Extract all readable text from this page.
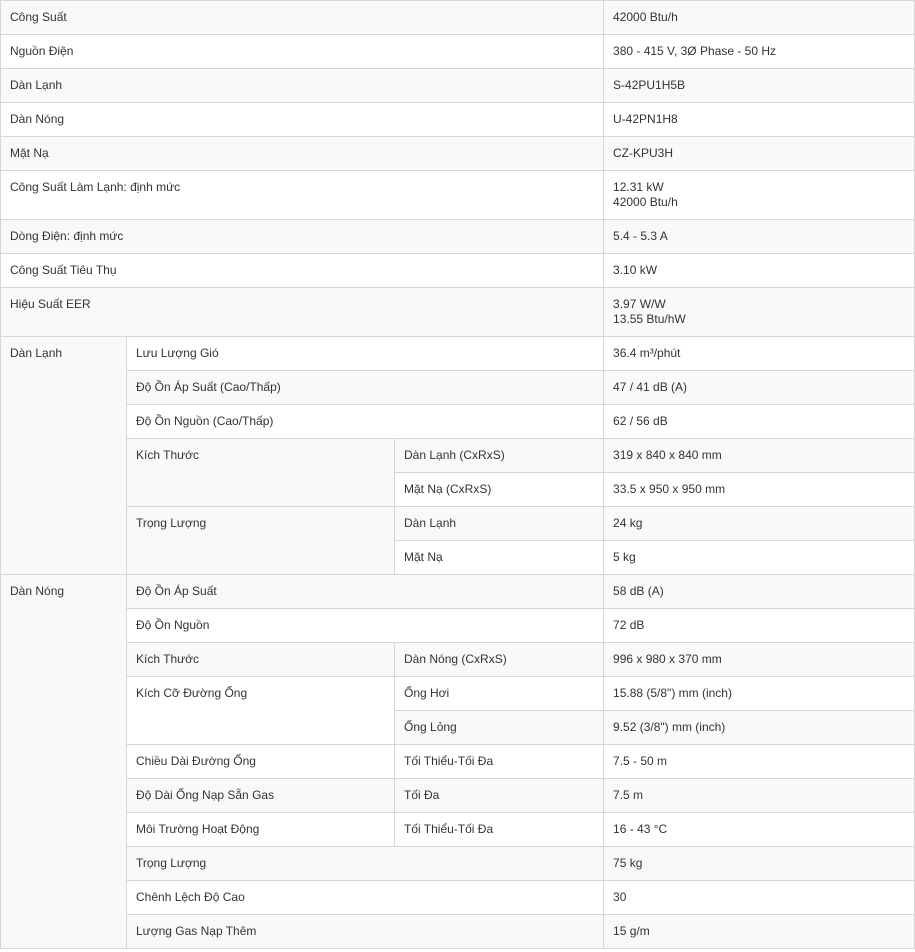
Công Suất			42000 Btu/h
Nguồn Điện			380 - 415 V, 3Ø Phase - 50 Hz
Dàn Lạnh			S-42PU1H5B
Dàn Nóng			U-42PN1H8
Mặt Nạ			CZ-KPU3H
Công Suất Làm Lạnh: định mức			12.31 kW
42000 Btu/h

Dòng Điện: định mức			5.4 - 5.3 A
Công Suất Tiêu Thụ			3.10 kW
Hiệu Suất EER			3.97 W/W
13.55 Btu/hW

Dàn Lạnh	Lưu Lượng Gió		36.4 m³/phút
	Độ Ồn Áp Suất (Cao/Thấp)		47 / 41 dB (A)
	Độ Ồn Nguồn (Cao/Thấp)		62 / 56 dB
	Kích Thước	Dàn Lạnh (CxRxS)	319 x 840 x 840 mm
		Mặt Nạ (CxRxS)	33.5 x 950 x 950 mm
	Trọng Lượng	Dàn Lạnh	24 kg
		Mặt Nạ	5 kg
Dàn Nóng	Độ Ồn Áp Suất		58 dB (A)
	Độ Ồn Nguồn		72 dB
	Kích Thước	Dàn Nóng (CxRxS)	996 x 980 x 370 mm
	Kích Cỡ Đường Ống	Ống Hơi	15.88 (5/8") mm (inch)
		Ống Lỏng	9.52 (3/8") mm (inch)
	Chiều Dài Đường Ống	Tối Thiểu-Tối Đa	7.5 - 50 m
	Độ Dài Ống Nạp Sẵn Gas	Tối Đa	7.5 m
	Môi Trường Hoạt Động	Tối Thiểu-Tối Đa	16 - 43 °C
	Trọng Lượng		75 kg
	Chênh Lệch Độ Cao		30
	Lượng Gas Nạp Thêm		15 g/m
